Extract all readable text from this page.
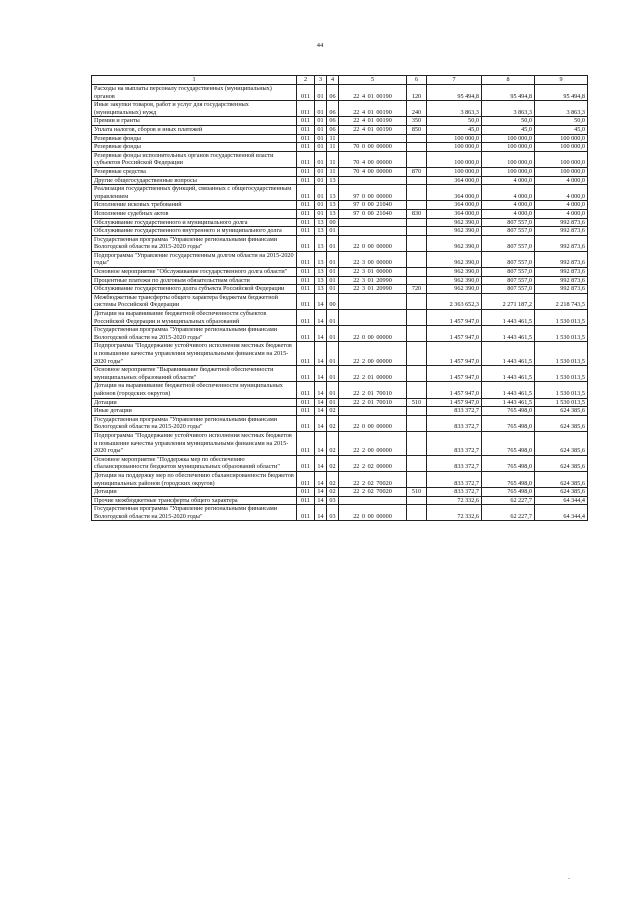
44
1	2	3	4	5	6	7	8	9
Расходы на выплаты персоналу государственных (муниципальных) органов	011	01	06	22 4 01 00190	120	95 494,8	95 494,8	95 494,8
Иные закупки товаров, работ и услуг для государственных (муниципальных) нужд	011	01	06	22 4 01 00190	240	3 863,3	3 863,3	3 863,3
Премии и гранты	011	01	06	22 4 01 00190	350	50,0	50,0	50,0
Уплата налогов, сборов и иных платежей	011	01	06	22 4 01 00190	850	45,0	45,0	45,0
Резервные фонды	011	01	11			100 000,0	100 000,0	100 000,0
Резервные фонды	011	01	11	70 0 00 00000		100 000,0	100 000,0	100 000,0
Резервные фонды исполнительных органов государственной власти субъектов Российской Федерации	011	01	11	70 4 00 00000		100 000,0	100 000,0	100 000,0
Резервные средства	011	01	11	70 4 00 00000	870	100 000,0	100 000,0	100 000,0
Другие общегосударственные вопросы	011	01	13			364 000,0	4 000,0	4 000,0
Реализация государственных функций, связанных с общегосударственным управлением	011	01	13	97 0 00 00000		364 000,0	4 000,0	4 000,0
Исполнение исковых требований	011	01	13	97 0 00 21040		364 000,0	4 000,0	4 000,0
Исполнение судебных актов	011	01	13	97 0 00 21040	830	364 000,0	4 000,0	4 000,0
Обслуживание государственного и муниципального долга	011	13	00			962 390,0	807 557,0	992 873,6
Обслуживание государственного внутреннего и муниципального долга	011	13	01			962 390,0	807 557,0	992 873,6
Государственная программа "Управление региональными финансами Вологодской области на 2015-2020 годы"	011	13	01	22 0 00 00000		962 390,0	807 557,0	992 873,6
Подпрограмма "Управление государственным долгом области на 2015-2020 годы"	011	13	01	22 3 00 00000		962 390,0	807 557,0	992 873,6
Основное мероприятие "Обслуживание государственного долга области"	011	13	01	22 3 01 00000		962 390,0	807 557,0	992 873,6
Процентные платежи по долговым обязательствам области	011	13	01	22 3 01 20990		962 390,0	807 557,0	992 873,6
Обслуживание государственного долга субъекта Российской Федерации	011	13	01	22 3 01 20990	720	962 390,0	807 557,0	992 873,6
Межбюджетные трансферты общего характера бюджетам бюджетной системы Российской Федерации	011	14	00			2 363 652,3	2 271 187,2	2 218 743,5
Дотации на выравнивание бюджетной обеспеченности субъектов Российской Федерации и муниципальных образований	011	14	01			1 457 947,0	1 443 461,5	1 530 013,5
Государственная программа "Управление региональными финансами Вологодской области на 2015-2020 годы"	011	14	01	22 0 00 00000		1 457 947,0	1 443 461,5	1 530 013,5
Подпрограмма "Поддержание устойчивого исполнения местных бюджетов и повышение качества управления муниципальными финансами на 2015-2020 годы"	011	14	01	22 2 00 00000		1 457 947,0	1 443 461,5	1 530 013,5
Основное мероприятие "Выравнивание бюджетной обеспеченности муниципальных образований области"	011	14	01	22 2 01 00000		1 457 947,0	1 443 461,5	1 530 013,5
Дотации на выравнивание бюджетной обеспеченности муниципальных районов (городских округов)	011	14	01	22 2 01 70010		1 457 947,0	1 443 461,5	1 530 013,5
Дотации	011	14	01	22 2 01 70010	510	1 457 947,0	1 443 461,5	1 530 013,5
Иные дотации	011	14	02			833 372,7	765 498,0	624 385,6
Государственная программа "Управление региональными финансами Вологодской области на 2015-2020 годы"	011	14	02	22 0 00 00000		833 372,7	765 498,0	624 385,6
Подпрограмма "Поддержание устойчивого исполнения местных бюджетов и повышение качества управления муниципальными финансами на 2015-2020 годы"	011	14	02	22 2 00 00000		833 372,7	765 498,0	624 385,6
Основное мероприятие "Поддержка мер по обеспечению сбалансированности бюджетов муниципальных образований области"	011	14	02	22 2 02 00000		833 372,7	765 498,0	624 385,6
Дотации на поддержку мер по обеспечению сбалансированности бюджетов муниципальных районов (городских округов)	011	14	02	22 2 02 70020		833 372,7	765 498,0	624 385,6
Дотации	011	14	02	22 2 02 70020	510	833 372,7	765 498,0	624 385,6
Прочие межбюджетные трансферты общего характера	011	14	03			72 332,6	62 227,7	64 344,4
Государственная программа "Управление региональными финансами Вологодской области на 2015-2020 годы"	011	14	03	22 0 00 00000		72 332,6	62 227,7	64 344,4
-
